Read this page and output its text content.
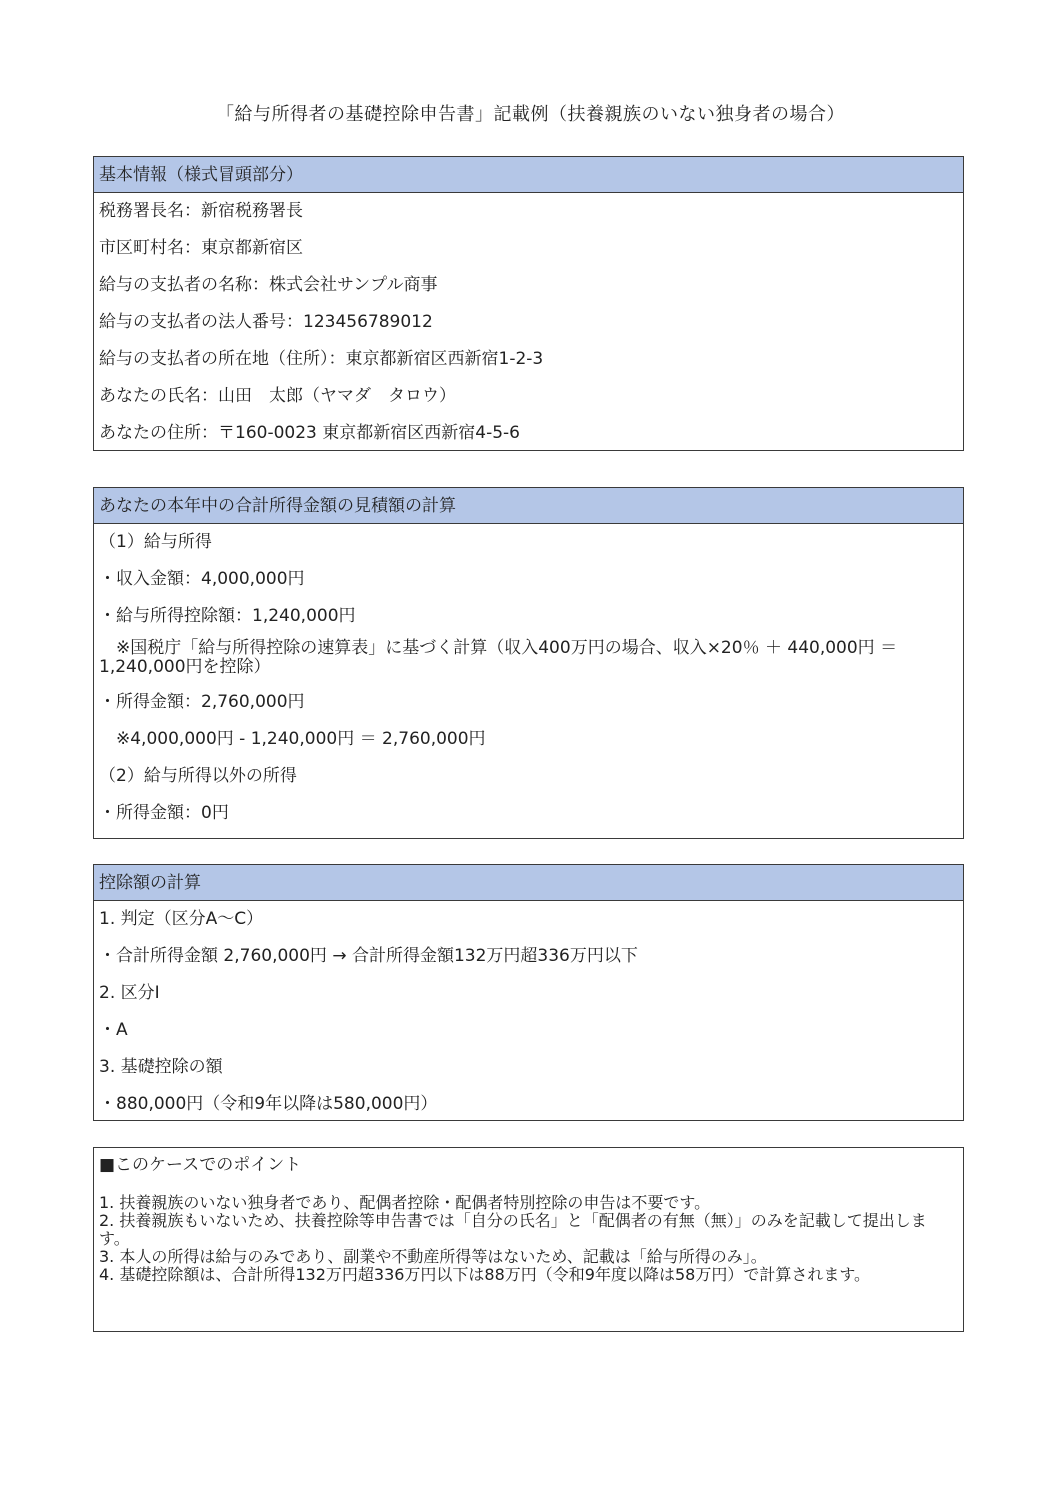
「給与所得者の基礎控除申告書」記載例（扶養親族のいない独身者の場合）
基本情報（様式冒頭部分）
税務署長名：新宿税務署長
市区町村名：東京都新宿区
給与の支払者の名称：株式会社サンプル商事
給与の支払者の法人番号：123456789012
給与の支払者の所在地（住所）：東京都新宿区西新宿1-2-3
あなたの氏名：山田　太郎（ヤマダ　タロウ）
あなたの住所：〒160-0023 東京都新宿区西新宿4-5-6
あなたの本年中の合計所得金額の見積額の計算
（1）給与所得
・収入金額：4,000,000円
・給与所得控除額：1,240,000円
　※国税庁「給与所得控除の速算表」に基づく計算（収入400万円の場合、収入×20％ ＋ 440,000円 ＝ 1,240,000円を控除）
・所得金額：2,760,000円
　※4,000,000円 - 1,240,000円 ＝ 2,760,000円
（2）給与所得以外の所得
・所得金額：0円
控除額の計算
1. 判定（区分A～C）
・合計所得金額 2,760,000円 → 合計所得金額132万円超336万円以下
2. 区分Ⅰ
・A
3. 基礎控除の額
・880,000円（令和9年以降は580,000円）
■このケースでのポイント
1. 扶養親族のいない独身者であり、配偶者控除・配偶者特別控除の申告は不要です。
2. 扶養親族もいないため、扶養控除等申告書では「自分の氏名」と「配偶者の有無（無）」のみを記載して提出します。
3. 本人の所得は給与のみであり、副業や不動産所得等はないため、記載は「給与所得のみ」。
4. 基礎控除額は、合計所得132万円超336万円以下は88万円（令和9年度以降は58万円）で計算されます。
